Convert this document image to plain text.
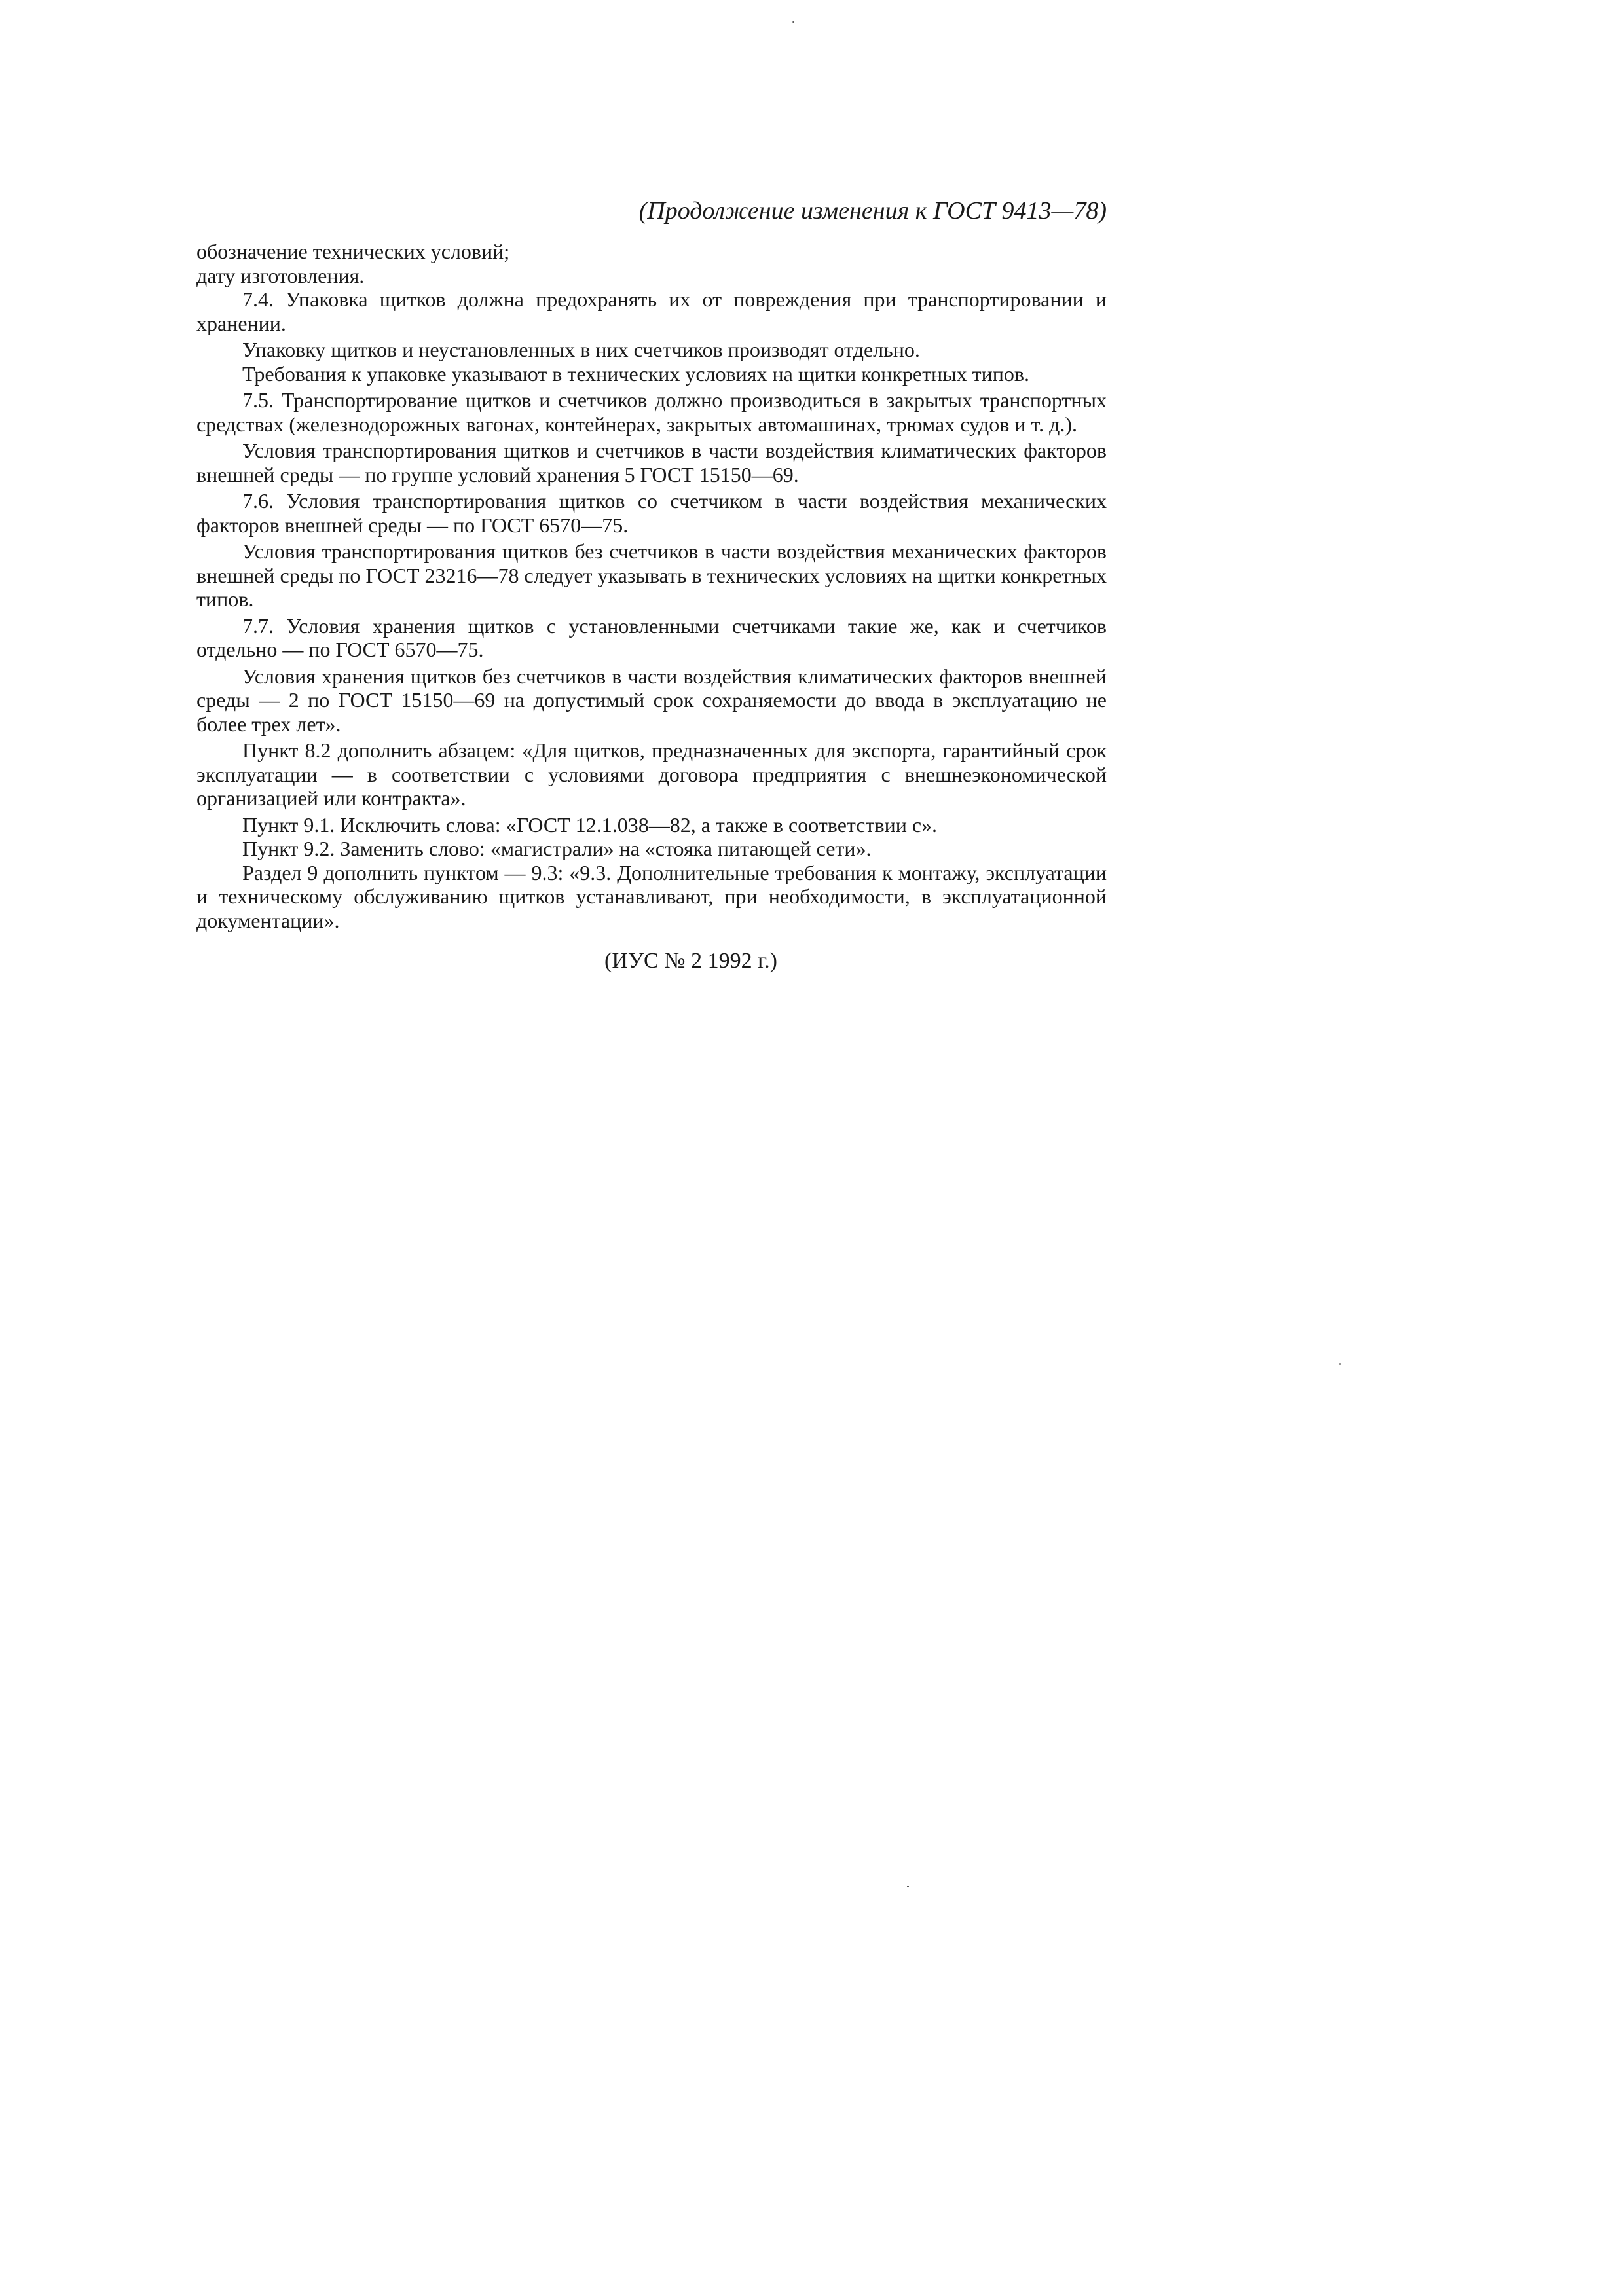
(Продолжение изменения к ГОСТ 9413—78)

обозначение технических условий;

дату изготовления.

7.4. Упаковка щитков должна предохранять их от повреждения при транспортировании и хранении.

Упаковку щитков и неустановленных в них счетчиков производят отдельно.

Требования к упаковке указывают в технических условиях на щитки конкретных типов.

7.5. Транспортирование щитков и счетчиков должно производиться в закрытых транспортных средствах (железнодорожных вагонах, контейнерах, закрытых автомашинах, трюмах судов и т. д.).

Условия транспортирования щитков и счетчиков в части воздействия климатических факторов внешней среды — по группе условий хранения 5 ГОСТ 15150—69.

7.6. Условия транспортирования щитков со счетчиком в части воздействия механических факторов внешней среды — по ГОСТ 6570—75.

Условия транспортирования щитков без счетчиков в части воздействия механических факторов внешней среды по ГОСТ 23216—78 следует указывать в технических условиях на щитки конкретных типов.

7.7. Условия хранения щитков с установленными счетчиками такие же, как и счетчиков отдельно — по ГОСТ 6570—75.

Условия хранения щитков без счетчиков в части воздействия климатических факторов внешней среды — 2 по ГОСТ 15150—69 на допустимый срок сохраняемости до ввода в эксплуатацию не более трех лет».

Пункт 8.2 дополнить абзацем: «Для щитков, предназначенных для экспорта, гарантийный срок эксплуатации — в соответствии с условиями договора предприятия с внешнеэкономической организацией или контракта».

Пункт 9.1. Исключить слова: «ГОСТ 12.1.038—82, а также в соответствии с».

Пункт 9.2. Заменить слово: «магистрали» на «стояка питающей сети».

Раздел 9 дополнить пунктом — 9.3: «9.3. Дополнительные требования к монтажу, эксплуатации и техническому обслуживанию щитков устанавливают, при необходимости, в эксплуатационной документации».

(ИУС № 2 1992 г.)
